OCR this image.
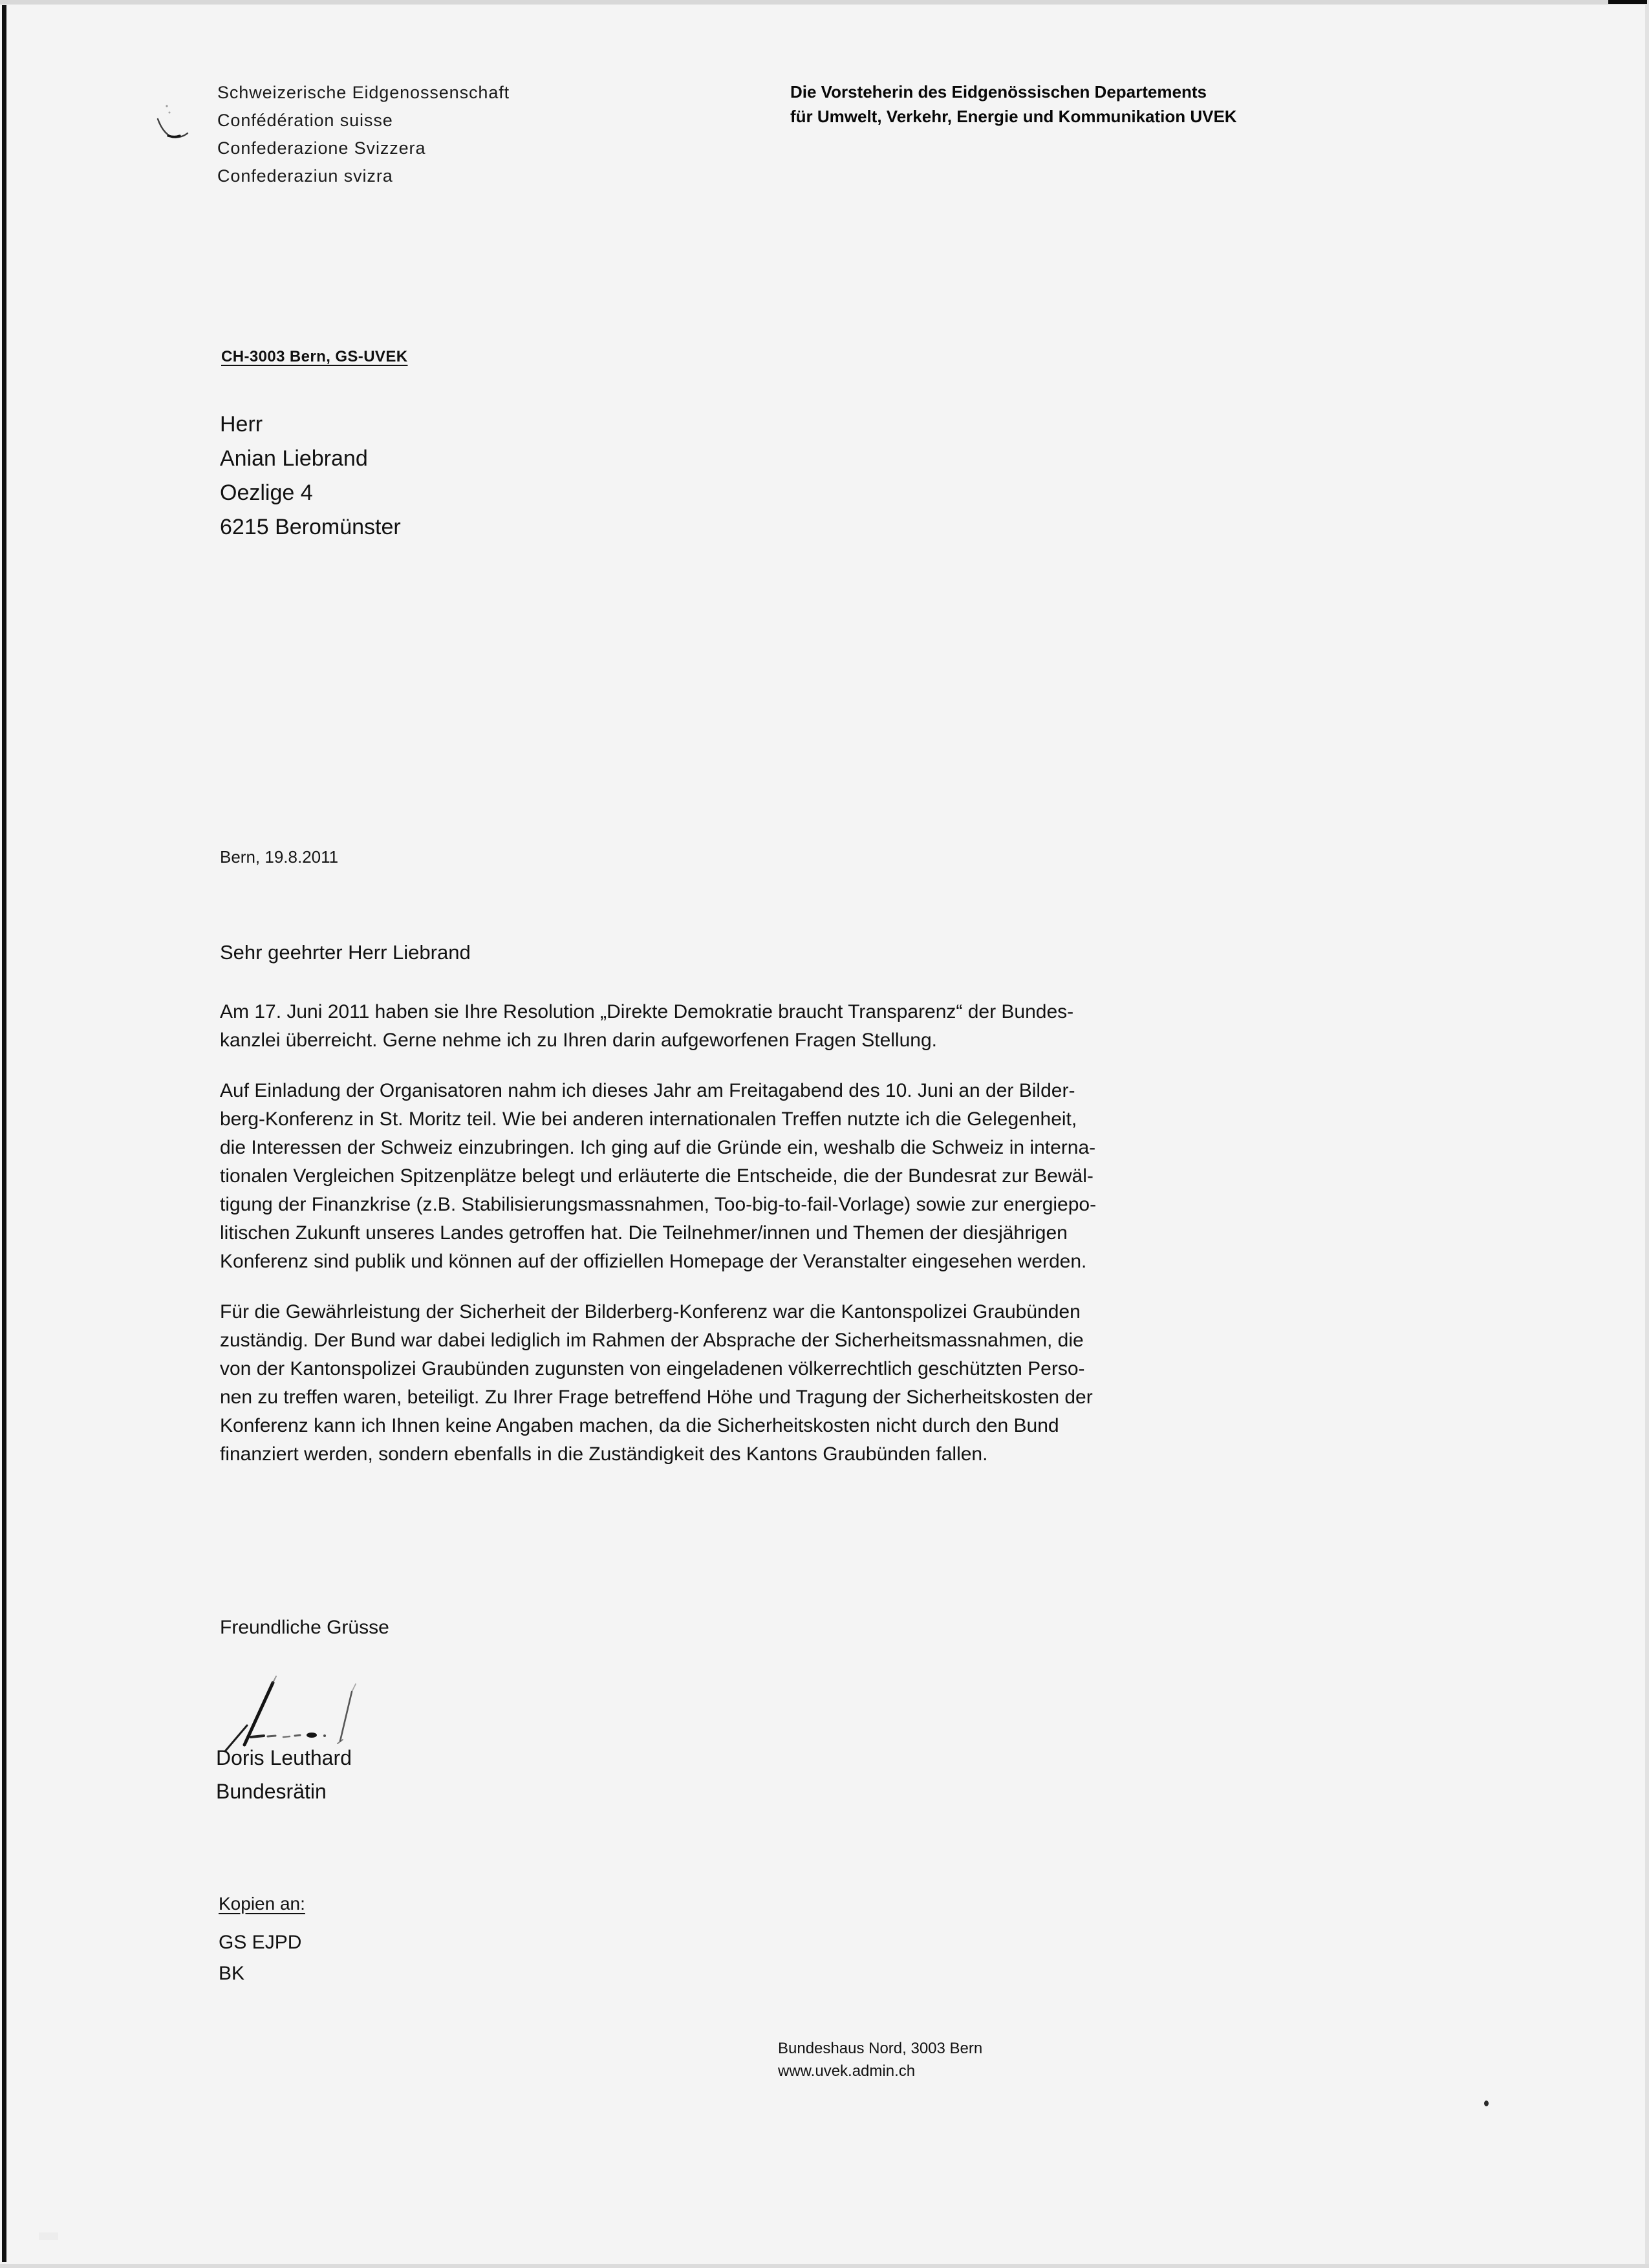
Schweizerische Eidgenossenschaft
Confédération suisse
Confederazione Svizzera
Confederaziun svizra
Die Vorsteherin des Eidgenössischen Departements
für Umwelt, Verkehr, Energie und Kommunikation UVEK
CH-3003 Bern, GS-UVEK
Herr
Anian Liebrand
Oezlige 4
6215 Beromünster
Bern, 19.8.2011
Sehr geehrter Herr Liebrand
Am 17. Juni 2011 haben sie Ihre Resolution „Direkte Demokratie braucht Transparenz“ der Bundes-
kanzlei überreicht. Gerne nehme ich zu Ihren darin aufgeworfenen Fragen Stellung.
Auf Einladung der Organisatoren nahm ich dieses Jahr am Freitagabend des 10. Juni an der Bilder-
berg-Konferenz in St. Moritz teil. Wie bei anderen internationalen Treffen nutzte ich die Gelegenheit,
die Interessen der Schweiz einzubringen. Ich ging auf die Gründe ein, weshalb die Schweiz in interna-
tionalen Vergleichen Spitzenplätze belegt und erläuterte die Entscheide, die der Bundesrat zur Bewäl-
tigung der Finanzkrise (z.B. Stabilisierungsmassnahmen, Too-big-to-fail-Vorlage) sowie zur energiepo-
litischen Zukunft unseres Landes getroffen hat. Die Teilnehmer/innen und Themen der diesjährigen
Konferenz sind publik und können auf der offiziellen Homepage der Veranstalter eingesehen werden.
Für die Gewährleistung der Sicherheit der Bilderberg-Konferenz war die Kantonspolizei Graubünden
zuständig. Der Bund war dabei lediglich im Rahmen der Absprache der Sicherheitsmassnahmen, die
von der Kantonspolizei Graubünden zugunsten von eingeladenen völkerrechtlich geschützten Perso-
nen zu treffen waren, beteiligt. Zu Ihrer Frage betreffend Höhe und Tragung der Sicherheitskosten der
Konferenz kann ich Ihnen keine Angaben machen, da die Sicherheitskosten nicht durch den Bund
finanziert werden, sondern ebenfalls in die Zuständigkeit des Kantons Graubünden fallen.
Freundliche Grüsse
Doris Leuthard
Bundesrätin
Kopien an:
GS EJPD
BK
Bundeshaus Nord, 3003 Bern
www.uvek.admin.ch
